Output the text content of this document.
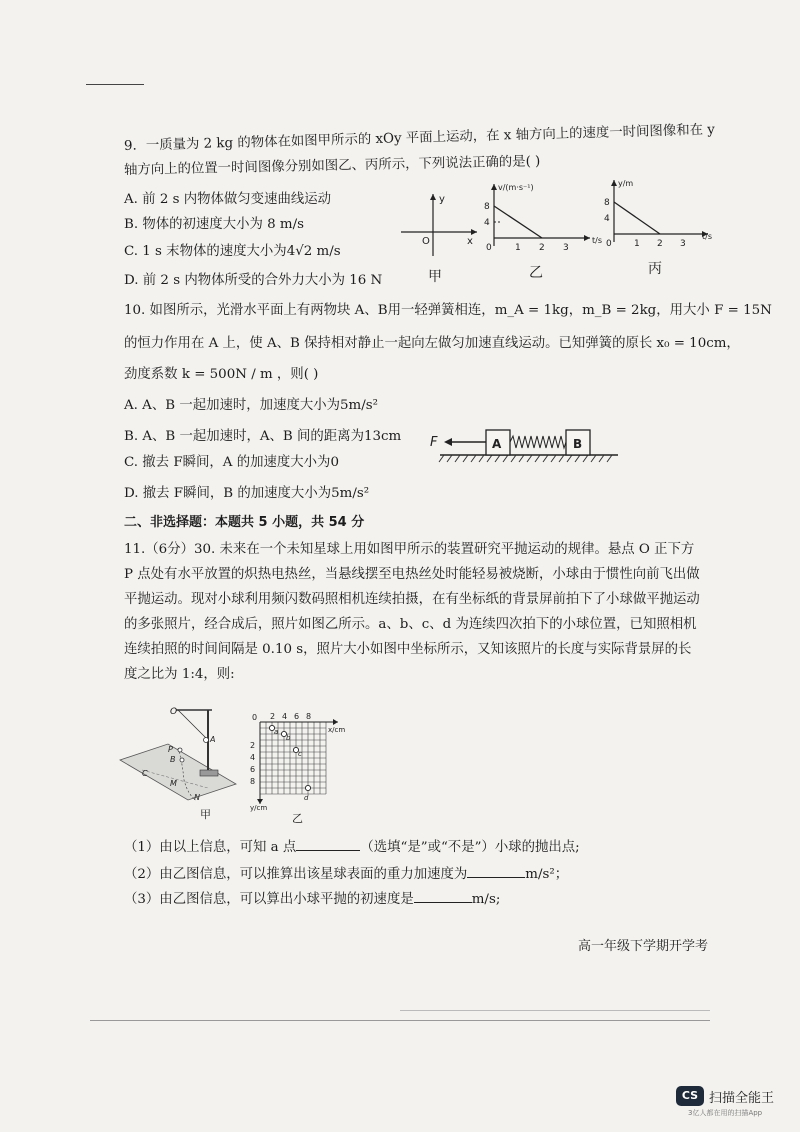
9．一质量为 2 kg 的物体在如图甲所示的 xOy 平面上运动，在 x 轴方向上的速度一时间图像和在 y
轴方向上的位置一时间图像分别如图乙、丙所示，下列说法正确的是( )
A. 前 2 s 内物体做匀变速曲线运动
B. 物体的初速度大小为 8 m/s
C. 1 s 末物体的速度大小为4√2 m/s
D. 前 2 s 内物体所受的合外力大小为 16 N
y
x
O
甲
v/(m·s⁻¹)
t/s
8
4
0	1 2 3
乙
y/m
t/s
8
4
0 1 2 3
丙
10. 如图所示，光滑水平面上有两物块 A、B用一轻弹簧相连，m_A = 1kg，m_B = 2kg，用大小 F = 15N
的恒力作用在 A 上，使 A、B 保持相对静止一起向左做匀加速直线运动。已知弹簧的原长 x₀ = 10cm，
劲度系数 k = 500N / m ，则( )
A. A、B 一起加速时，加速度大小为5m/s²
B. A、B 一起加速时，A、B 间的距离为13cm
C. 撤去 F瞬间，A 的加速度大小为0
D. 撤去 F瞬间，B 的加速度大小为5m/s²
F	A	B
二、非选择题：本题共 5 小题，共 54 分
11.（6分）30. 未来在一个未知星球上用如图甲所示的装置研究平抛运动的规律。悬点 O 正下方
P 点处有水平放置的炽热电热丝，当悬线摆至电热丝处时能轻易被烧断，小球由于惯性向前飞出做
平抛运动。现对小球利用频闪数码照相机连续拍摄，在有坐标纸的背景屏前拍下了小球做平抛运动
的多张照片，经合成后，照片如图乙所示。a、b、c、d 为连续四次拍下的小球位置，已知照相机
连续拍照的时间间隔是 0.10 s，照片大小如图中坐标所示，又知该照片的长度与实际背景屏的长
度之比为 1:4，则:
O
A
P
B
C
M
N
甲
0 2 4 6 8
x/cm
2
4
6
8
y/cm
a
b
c
d
乙
（1）由以上信息，可知 a 点	（选填“是”或“不是”）小球的抛出点;
（2）由乙图信息，可以推算出该星球表面的重力加速度为	m/s²；
（3）由乙图信息，可以算出小球平抛的初速度是	m/s;
高一年级下学期开学考
CS 扫描全能王
3亿人都在用的扫描App
